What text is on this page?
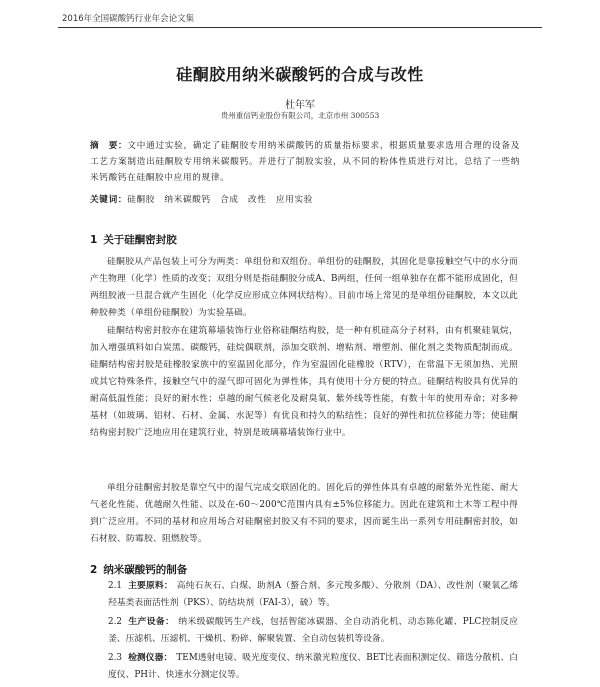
2016年全国碳酸钙行业年会论文集
硅酮胶用纳米碳酸钙的合成与改性
杜年军
贵州重信钙业股份有限公司，北京市州 300553
摘　要：文中通过实验，确定了硅酮胶专用纳米碳酸钙的质量指标要求，根据质量要求选用合理的设备及工艺方案制造出硅酮胶专用纳米碳酸钙。并进行了制胶实验，从不同的粉体性质进行对比，总结了一些纳米钙酸钙在硅酮胶中应用的规律。
关键词：硅酮胶　纳米碳酸钙　合成　改性　应用实验
1 关于硅酮密封胶
硅酮胶从产品包装上可分为两类：单组份和双组份。单组份的硅酮胶，其固化是靠接触空气中的水分而产生物理（化学）性质的改变；双组分则是指硅酮胶分成A、B两组，任何一组单独存在都不能形成固化，但两组胶液一旦混合就产生固化（化学反应形成立体网状结构）。目前市场上常见的是单组份硅酮胶，本文以此种胶种类（单组份硅酮胶）为实验基础。
硅酮结构密封胶亦在建筑幕墙装饰行业俗称硅酮结构胶，是一种有机硅高分子材料，由有机聚硅氧烷，加入增强填料如白炭黑、碳酸钙，硅烷偶联剂，添加交联剂、增粘剂、增塑剂、催化剂之类物质配制而成。硅酮结构密封胶是硅橡胶家族中的室温固化部分，作为室温固化硅橡胶（RTV），在常温下无须加热、光照或其它特殊条件，接触空气中的湿气即可固化为弹性体，具有使用十分方便的特点。硅酮结构胶具有优异的耐高低温性能；良好的耐水性；卓越的耐气候老化及耐臭氧、紫外线等性能，有数十年的使用寿命；对多种基材（如玻璃、铝材、石材、金属、水泥等）有优良和持久的粘结性；良好的弹性和抗位移能力等；使硅酮结构密封胶广泛地应用在建筑行业，特别是玻璃幕墙装饰行业中。
单组分硅酮密封胶是靠空气中的湿气完成交联固化的。固化后的弹性体具有卓越的耐紫外光性能、耐大气老化性能、优越耐久性能、以及在-60～200℃范围内具有±5%位移能力。因此在建筑和土木等工程中得到广泛应用。不同的基材和应用场合对硅酮密封胶又有不同的要求，因而诞生出一系列专用硅酮密封胶，如石材胶、防霉胶、阻燃胶等。
2 纳米碳酸钙的制备
2.1 主要原料： 高纯石灰石、白煤、助剂A（螯合剂、多元羧多酸）、分散剂（DA）、改性剂（聚氧乙烯羟基类表面活性剂（PKS）、防结块剂（FAI-3），硫）等。
2.2 生产设备： 纳米级碳酸钙生产线，包括智能冰碳器、全自动消化机、动态陈化罐、PLC控制反应釜、压滤机、压滤机、干燥机、粉碎、解聚装置、全自动包装机等设备。
2.3 检测仪器： TEM透射电镜、吸光度变仪、纳米激光粒度仪、BET比表面积测定仪、筛选分散机、白度仪、PH计、快速水分测定仪等。
